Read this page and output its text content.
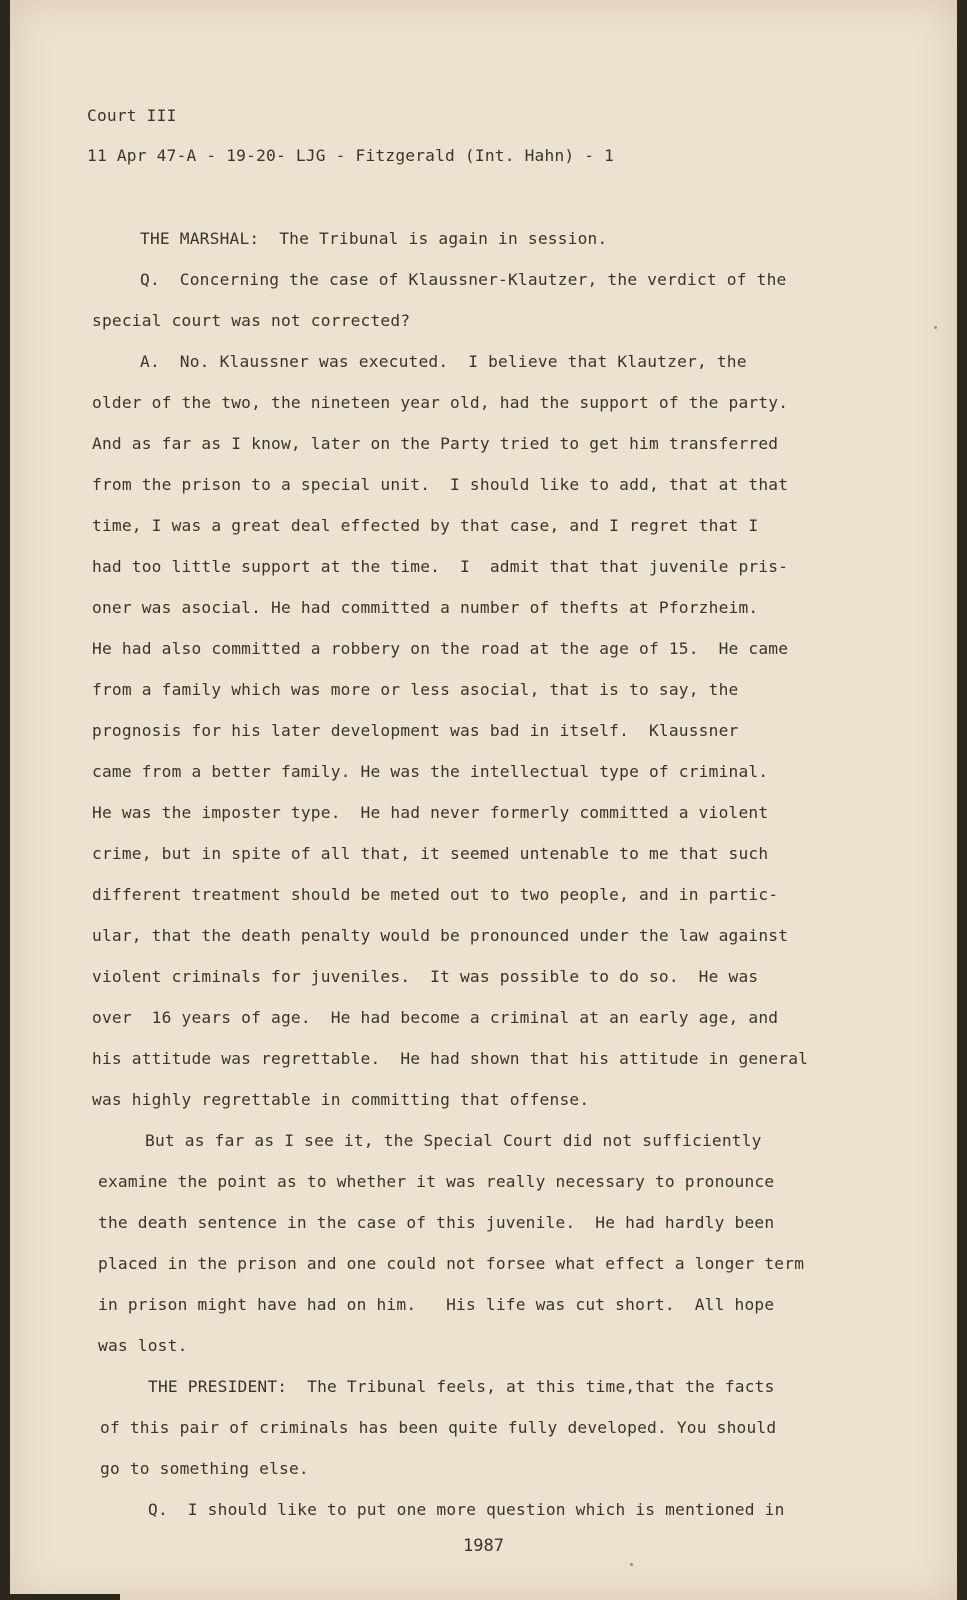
Court III
11 Apr 47-A - 19-20- LJG - Fitzgerald (Int. Hahn) - 1
THE MARSHAL:  The Tribunal is again in session.
Q.  Concerning the case of Klaussner-Klautzer, the verdict of the
special court was not corrected?
A.  No. Klaussner was executed.  I believe that Klautzer, the
older of the two, the nineteen year old, had the support of the party.
And as far as I know, later on the Party tried to get him transferred
from the prison to a special unit.  I should like to add, that at that
time, I was a great deal effected by that case, and I regret that I
had too little support at the time.  I  admit that that juvenile pris-
oner was asocial. He had committed a number of thefts at Pforzheim.
He had also committed a robbery on the road at the age of 15.  He came
from a family which was more or less asocial, that is to say, the
prognosis for his later development was bad in itself.  Klaussner
came from a better family. He was the intellectual type of criminal.
He was the imposter type.  He had never formerly committed a violent
crime, but in spite of all that, it seemed untenable to me that such
different treatment should be meted out to two people, and in partic-
ular, that the death penalty would be pronounced under the law against
violent criminals for juveniles.  It was possible to do so.  He was
over  16 years of age.  He had become a criminal at an early age, and
his attitude was regrettable.  He had shown that his attitude in general
was highly regrettable in committing that offense.
But as far as I see it, the Special Court did not sufficiently
examine the point as to whether it was really necessary to pronounce
the death sentence in the case of this juvenile.  He had hardly been
placed in the prison and one could not forsee what effect a longer term
in prison might have had on him.   His life was cut short.  All hope
was lost.
THE PRESIDENT:  The Tribunal feels, at this time,that the facts
of this pair of criminals has been quite fully developed. You should
go to something else.
Q.  I should like to put one more question which is mentioned in
1987
